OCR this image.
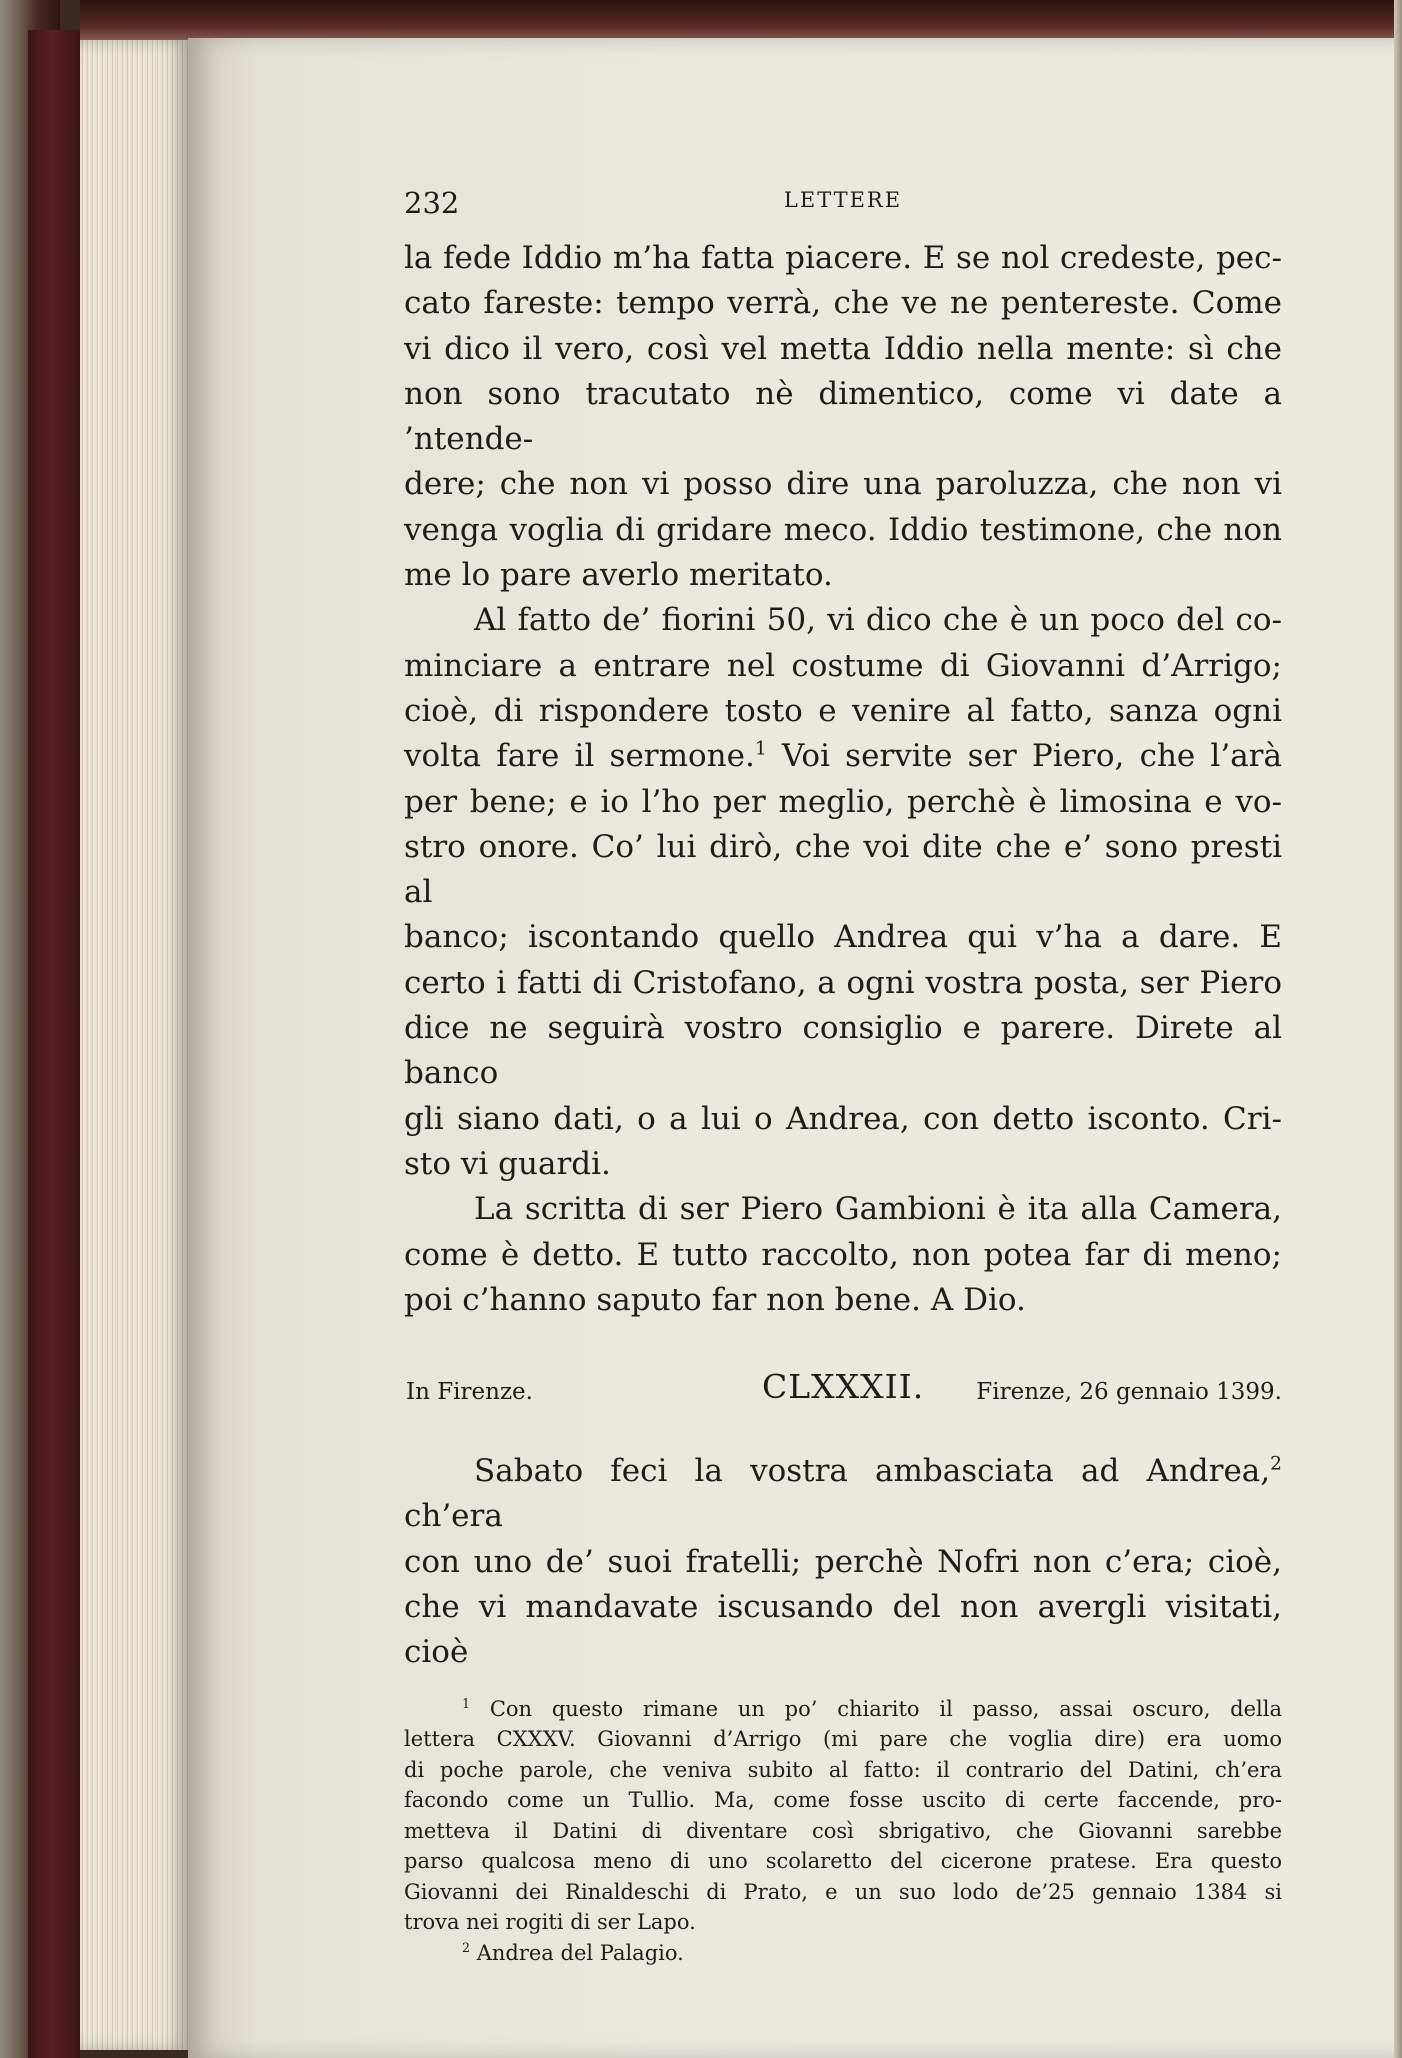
232	LETTERE

la fede Iddio m’ha fatta piacere. E se nol credeste, pec-
cato fareste: tempo verrà, che ve ne pentereste. Come
vi dico il vero, così vel metta Iddio nella mente: sì che
non sono tracutato nè dimentico, come vi date a ’ntende-
dere; che non vi posso dire una paroluzza, che non vi
venga voglia di gridare meco. Iddio testimone, che non
me lo pare averlo meritato.

Al fatto de’ fiorini 50, vi dico che è un poco del co-
minciare a entrare nel costume di Giovanni d’Arrigo;
cioè, di rispondere tosto e venire al fatto, sanza ogni
volta fare il sermone.$^1$ Voi servite ser Piero, che l’arà
per bene; e io l’ho per meglio, perchè è limosina e vo-
stro onore. Co’ lui dirò, che voi dite che e’ sono presti al
banco; iscontando quello Andrea qui v’ha a dare. E
certo i fatti di Cristofano, a ogni vostra posta, ser Piero
dice ne seguirà vostro consiglio e parere. Direte al banco
gli siano dati, o a lui o Andrea, con detto isconto. Cri-
sto vi guardi.

La scritta di ser Piero Gambioni è ita alla Camera,
come è detto. E tutto raccolto, non potea far di meno;
poi c’hanno saputo far non bene. A Dio.

In Firenze.	CLXXXII. Firenze, 26 gennaio 1399.

Sabato feci la vostra ambasciata ad Andrea,$^2$ ch’era
con uno de’ suoi fratelli; perchè Nofri non c’era; cioè,
che vi mandavate iscusando del non avergli visitati, cioè

$^1$ Con questo rimane un po’ chiarito il passo, assai oscuro, della
lettera CXXXV. Giovanni d’Arrigo (mi pare che voglia dire) era uomo
di poche parole, che veniva subito al fatto: il contrario del Datini, ch’era
facondo come un Tullio. Ma, come fosse uscito di certe faccende, pro-
metteva il Datini di diventare così sbrigativo, che Giovanni sarebbe
parso qualcosa meno di uno scolaretto del cicerone pratese. Era questo
Giovanni dei Rinaldeschi di Prato, e un suo lodo de’25 gennaio 1384 si
trova nei rogiti di ser Lapo.
$^2$ Andrea del Palagio.
